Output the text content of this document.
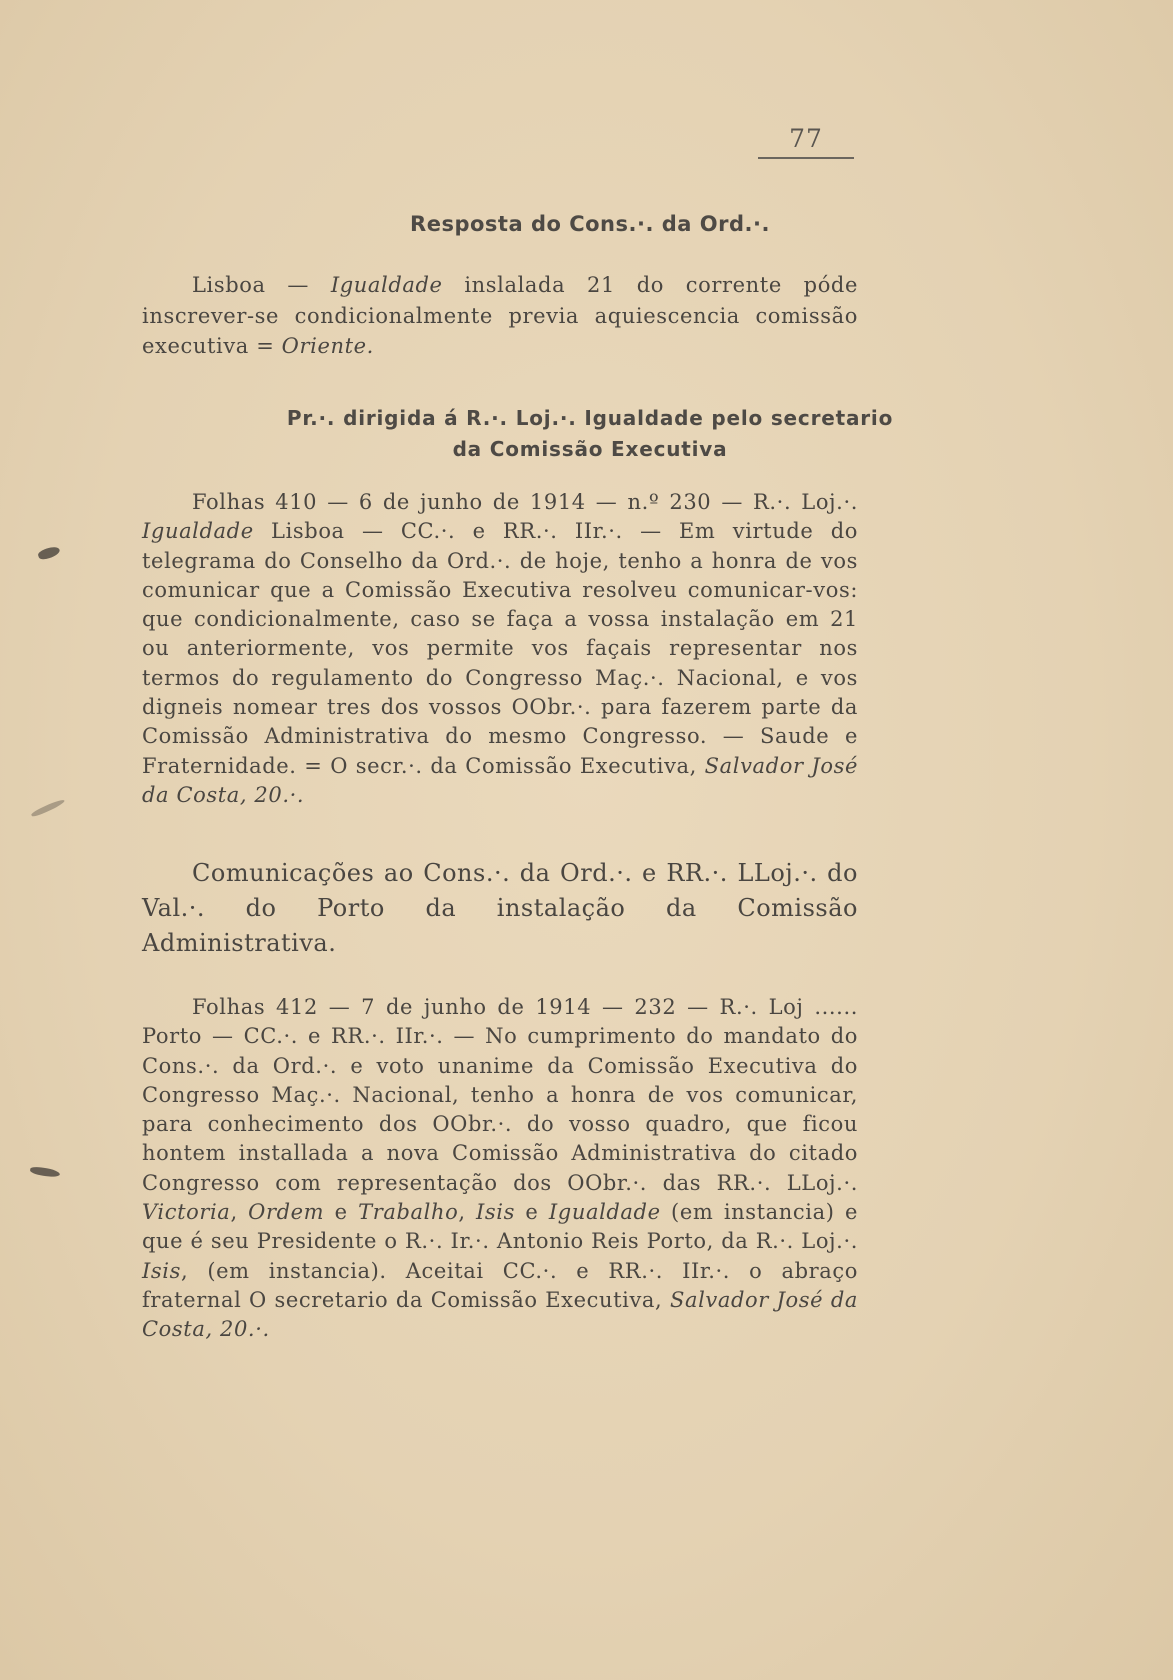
77
Resposta do Cons.·. da Ord.·.

Lisboa — Igualdade inslalada 21 do corrente póde inscrever-se condicionalmente previa aquiescencia comissão executiva = Oriente.

Pr.·. dirigida á R.·. Loj.·. Igualdade pelo secretario
da Comissão Executiva

Folhas 410 — 6 de junho de 1914 — n.º 230 — R.·. Loj.·. Igualdade Lisboa — CC.·. e RR.·. IIr.·. — Em virtude do telegrama do Conselho da Ord.·. de hoje, tenho a honra de vos comunicar que a Comissão Executiva resolveu comunicar-vos: que condicionalmente, caso se faça a vossa instalação em 21 ou anteriormente, vos permite vos façais representar nos termos do regulamento do Congresso Maç.·. Nacional, e vos digneis nomear tres dos vossos OObr.·. para fazerem parte da Comissão Administrativa do mesmo Congresso. — Saude e Fraternidade. = O secr.·. da Comissão Executiva, Salvador José da Costa, 20.·.

Comunicações ao Cons.·. da Ord.·. e RR.·. LLoj.·. do Val.·. do Porto da instalação da Comissão Administrativa.

Folhas 412 — 7 de junho de 1914 — 232 — R.·. Loj ...... Porto — CC.·. e RR.·. IIr.·. — No cumprimento do mandato do Cons.·. da Ord.·. e voto unanime da Comissão Executiva do Congresso Maç.·. Nacional, tenho a honra de vos comunicar, para conhecimento dos OObr.·. do vosso quadro, que ficou hontem installada a nova Comissão Administrativa do citado Congresso com representação dos OObr.·. das RR.·. LLoj.·. Victoria, Ordem e Trabalho, Isis e Igualdade (em instancia) e que é seu Presidente o R.·. Ir.·. Antonio Reis Porto, da R.·. Loj.·. Isis, (em instancia). Aceitai CC.·. e RR.·. IIr.·. o abraço fraternal O secretario da Comissão Executiva, Salvador José da Costa, 20.·.
